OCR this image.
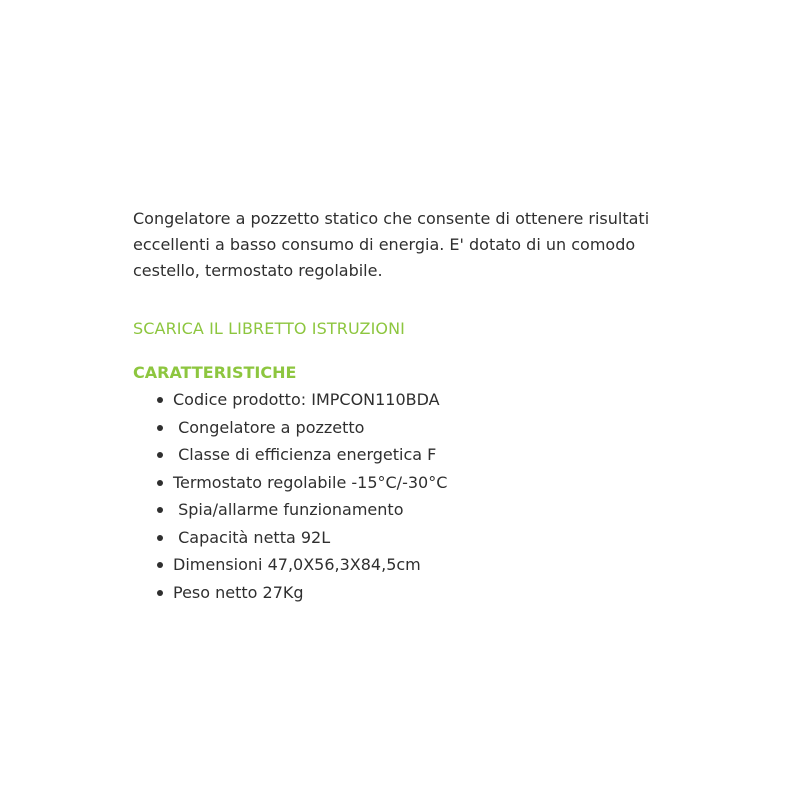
Congelatore a pozzetto statico che consente di ottenere risultati eccellenti a basso consumo di energia. E' dotato di un comodo cestello, termostato regolabile.

SCARICA IL LIBRETTO ISTRUZIONI
CARATTERISTICHE
Codice prodotto: IMPCON110BDA
Congelatore a pozzetto
Classe di efficienza energetica F
Termostato regolabile -15°C/-30°C
Spia/allarme funzionamento
Capacità netta 92L
Dimensioni 47,0X56,3X84,5cm
Peso netto 27Kg
